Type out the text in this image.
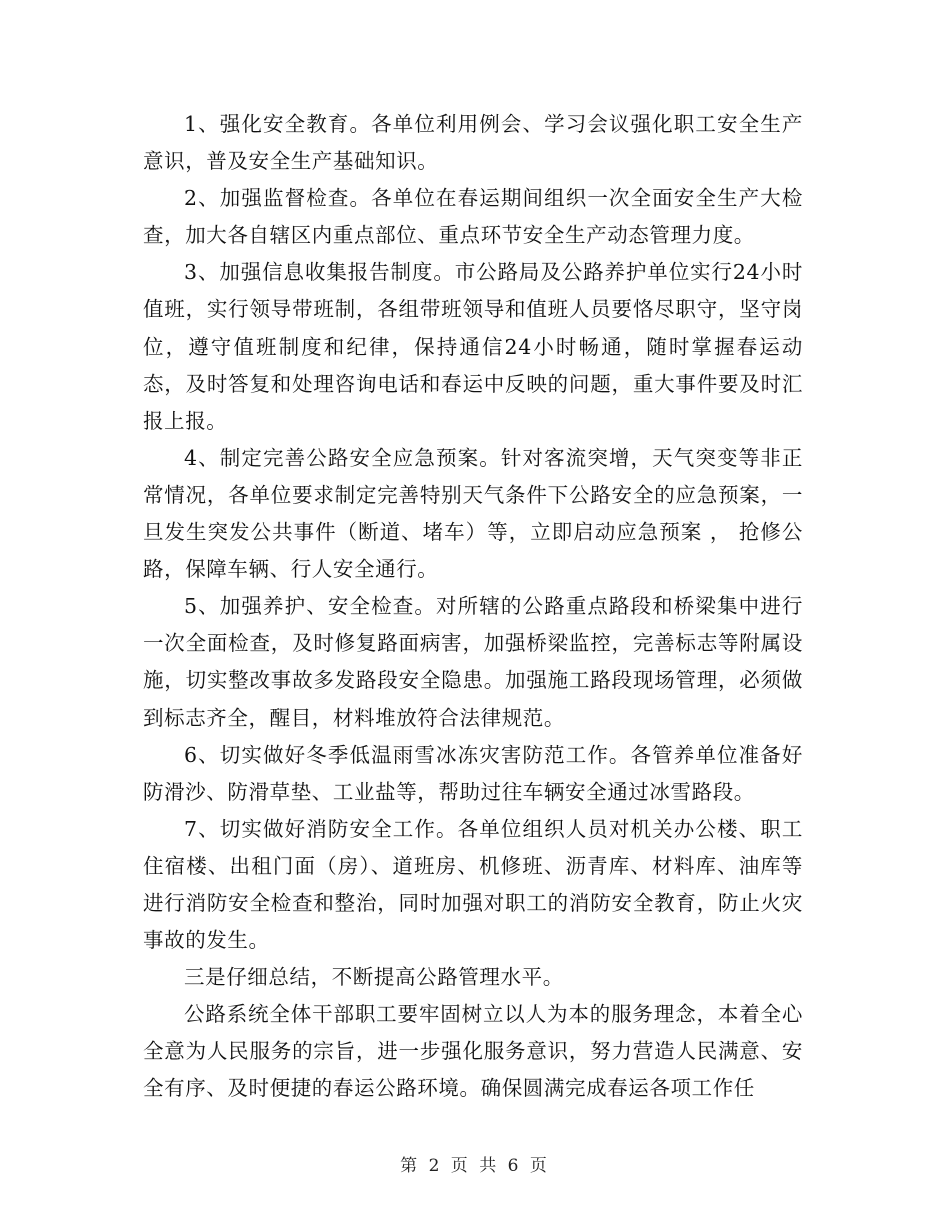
1、强化安全教育。各单位利用例会、学习会议强化职工安全生产意识，普及安全生产基础知识。

2、加强监督检查。各单位在春运期间组织一次全面安全生产大检查，加大各自辖区内重点部位、重点环节安全生产动态管理力度。

3、加强信息收集报告制度。市公路局及公路养护单位实行24小时值班，实行领导带班制，各组带班领导和值班人员要恪尽职守，坚守岗位，遵守值班制度和纪律，保持通信24小时畅通，随时掌握春运动态，及时答复和处理咨询电话和春运中反映的问题，重大事件要及时汇报上报。

4、制定完善公路安全应急预案。针对客流突增，天气突变等非正常情况，各单位要求制定完善特别天气条件下公路安全的应急预案，一旦发生突发公共事件（断道、堵车）等，立即启动应急预案 ， 抢修公路，保障车辆、行人安全通行。

5、加强养护、安全检查。对所辖的公路重点路段和桥梁集中进行一次全面检查，及时修复路面病害，加强桥梁监控，完善标志等附属设施，切实整改事故多发路段安全隐患。加强施工路段现场管理，必须做到标志齐全，醒目，材料堆放符合法律规范。

6、切实做好冬季低温雨雪冰冻灾害防范工作。各管养单位准备好防滑沙、防滑草垫、工业盐等，帮助过往车辆安全通过冰雪路段。

7、切实做好消防安全工作。各单位组织人员对机关办公楼、职工住宿楼、出租门面（房）、道班房、机修班、沥青库、材料库、油库等进行消防安全检查和整治，同时加强对职工的消防安全教育，防止火灾事故的发生。

三是仔细总结，不断提高公路管理水平。

公路系统全体干部职工要牢固树立以人为本的服务理念，本着全心全意为人民服务的宗旨，进一步强化服务意识，努力营造人民满意、安全有序、及时便捷的春运公路环境。确保圆满完成春运各项工作任

第 2 页 共 6 页
